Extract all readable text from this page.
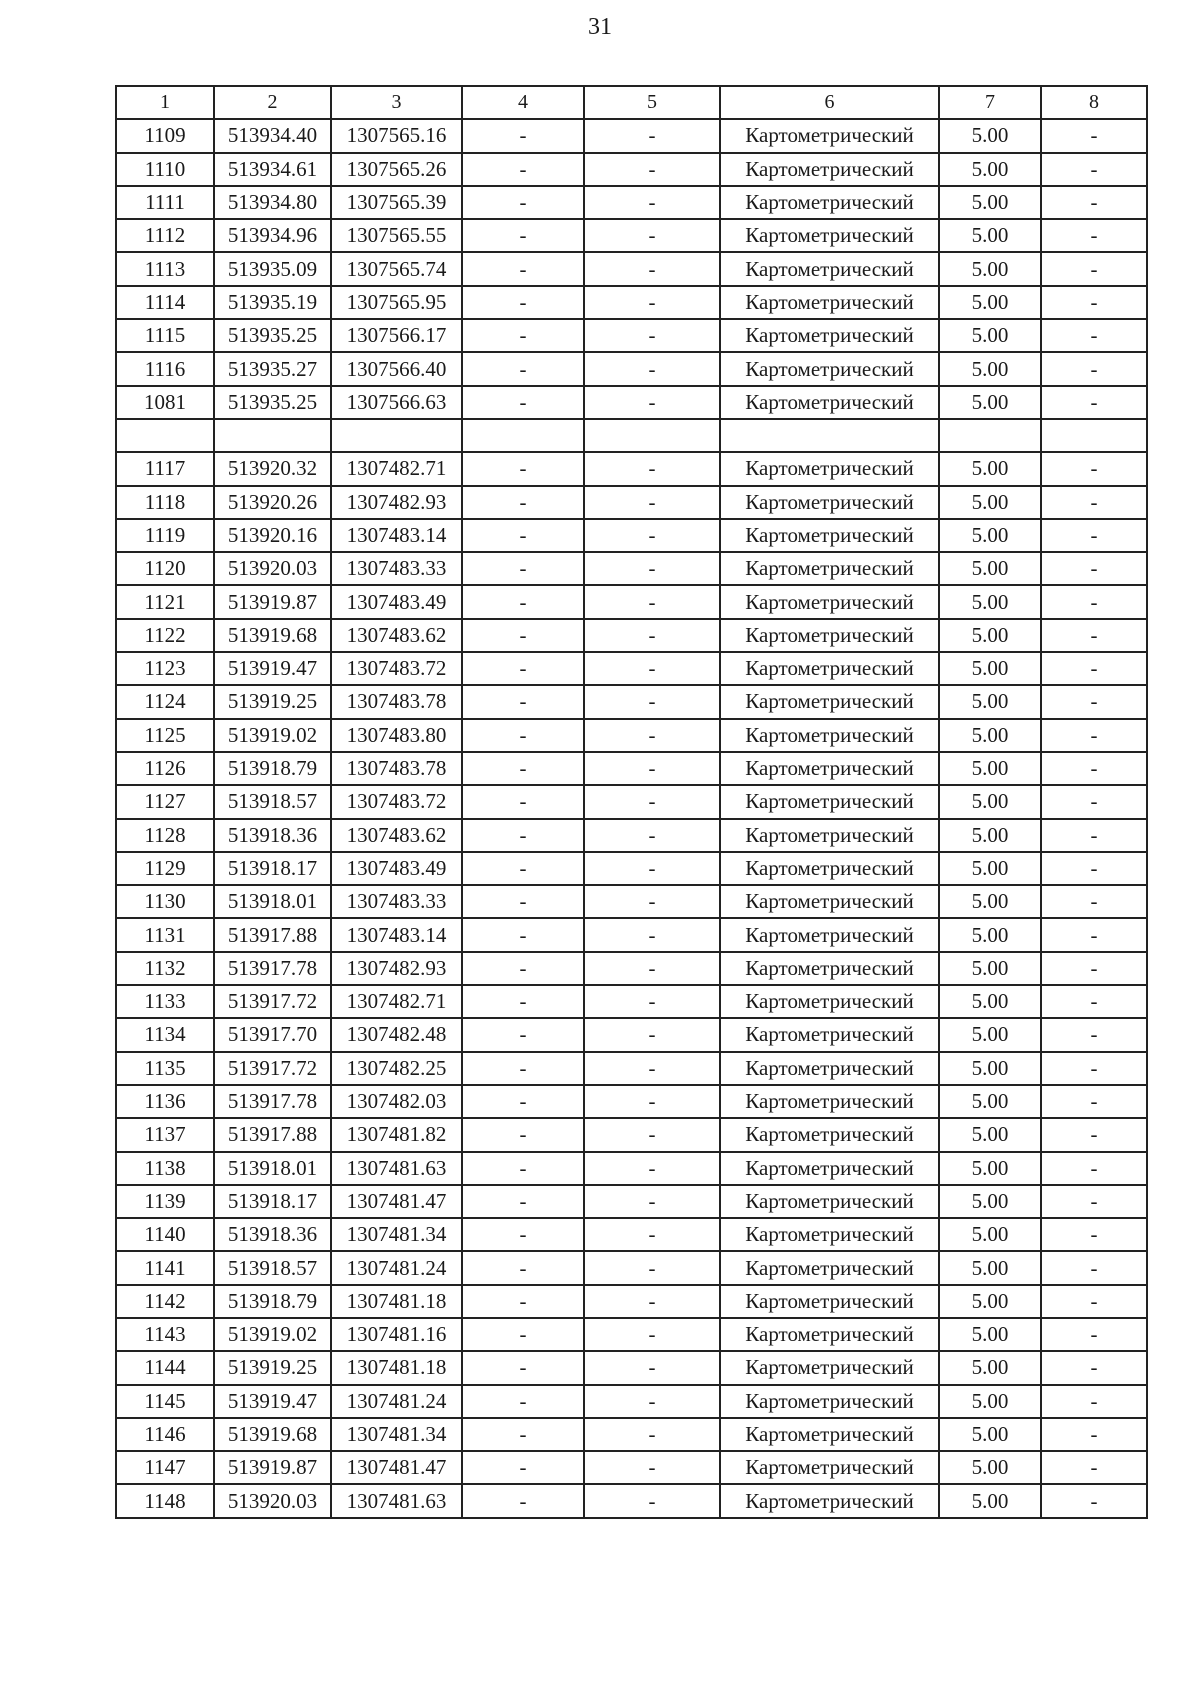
31
1	2	3	4	5	6	7	8
1109	513934.40	1307565.16	-	-	Картометрический	5.00	-
1110	513934.61	1307565.26	-	-	Картометрический	5.00	-
1111	513934.80	1307565.39	-	-	Картометрический	5.00	-
1112	513934.96	1307565.55	-	-	Картометрический	5.00	-
1113	513935.09	1307565.74	-	-	Картометрический	5.00	-
1114	513935.19	1307565.95	-	-	Картометрический	5.00	-
1115	513935.25	1307566.17	-	-	Картометрический	5.00	-
1116	513935.27	1307566.40	-	-	Картометрический	5.00	-
1081	513935.25	1307566.63	-	-	Картометрический	5.00	-

1117	513920.32	1307482.71	-	-	Картометрический	5.00	-
1118	513920.26	1307482.93	-	-	Картометрический	5.00	-
1119	513920.16	1307483.14	-	-	Картометрический	5.00	-
1120	513920.03	1307483.33	-	-	Картометрический	5.00	-
1121	513919.87	1307483.49	-	-	Картометрический	5.00	-
1122	513919.68	1307483.62	-	-	Картометрический	5.00	-
1123	513919.47	1307483.72	-	-	Картометрический	5.00	-
1124	513919.25	1307483.78	-	-	Картометрический	5.00	-
1125	513919.02	1307483.80	-	-	Картометрический	5.00	-
1126	513918.79	1307483.78	-	-	Картометрический	5.00	-
1127	513918.57	1307483.72	-	-	Картометрический	5.00	-
1128	513918.36	1307483.62	-	-	Картометрический	5.00	-
1129	513918.17	1307483.49	-	-	Картометрический	5.00	-
1130	513918.01	1307483.33	-	-	Картометрический	5.00	-
1131	513917.88	1307483.14	-	-	Картометрический	5.00	-
1132	513917.78	1307482.93	-	-	Картометрический	5.00	-
1133	513917.72	1307482.71	-	-	Картометрический	5.00	-
1134	513917.70	1307482.48	-	-	Картометрический	5.00	-
1135	513917.72	1307482.25	-	-	Картометрический	5.00	-
1136	513917.78	1307482.03	-	-	Картометрический	5.00	-
1137	513917.88	1307481.82	-	-	Картометрический	5.00	-
1138	513918.01	1307481.63	-	-	Картометрический	5.00	-
1139	513918.17	1307481.47	-	-	Картометрический	5.00	-
1140	513918.36	1307481.34	-	-	Картометрический	5.00	-
1141	513918.57	1307481.24	-	-	Картометрический	5.00	-
1142	513918.79	1307481.18	-	-	Картометрический	5.00	-
1143	513919.02	1307481.16	-	-	Картометрический	5.00	-
1144	513919.25	1307481.18	-	-	Картометрический	5.00	-
1145	513919.47	1307481.24	-	-	Картометрический	5.00	-
1146	513919.68	1307481.34	-	-	Картометрический	5.00	-
1147	513919.87	1307481.47	-	-	Картометрический	5.00	-
1148	513920.03	1307481.63	-	-	Картометрический	5.00	-
